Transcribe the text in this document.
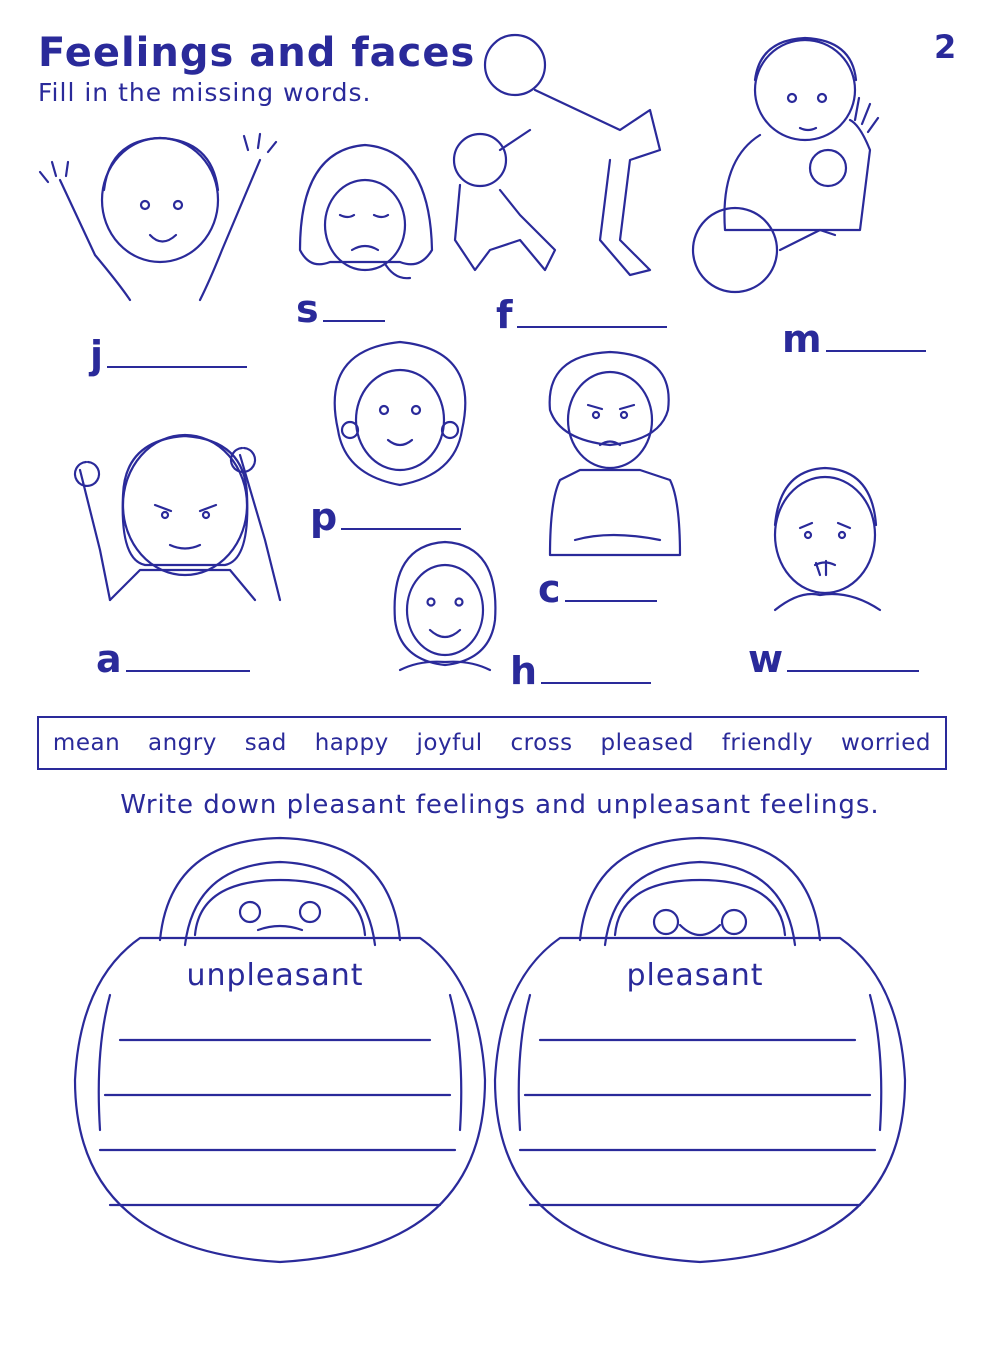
Feelings and faces
Fill in the missing words.
2
j
s	f
m
p
a
c
h	w
mean angry sad happy joyful cross pleased friendly worried
Write down pleasant feelings and unpleasant feelings.
unpleasant	pleasant
